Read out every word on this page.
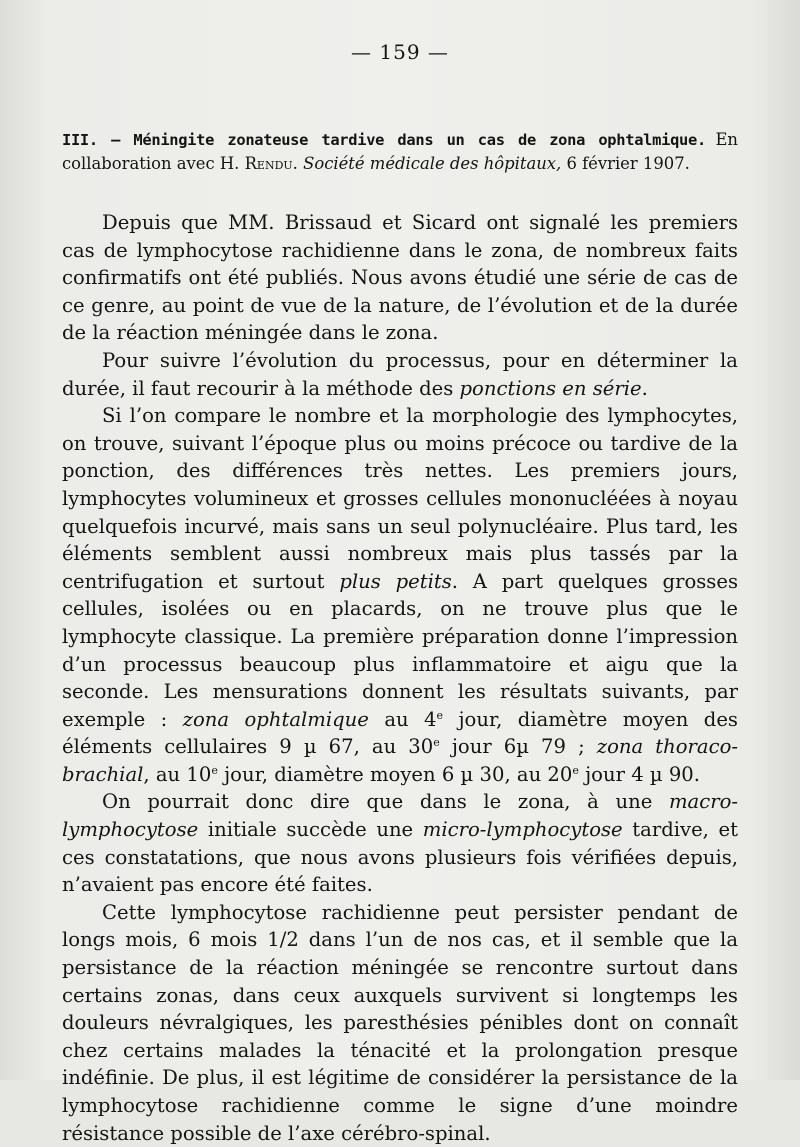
— 159 —
III. — Méningite zonateuse tardive dans un cas de zona ophtalmique. En collaboration avec H. Rendu. Société médicale des hôpitaux, 6 février 1907.

Depuis que MM. Brissaud et Sicard ont signalé les premiers cas de lymphocytose rachidienne dans le zona, de nombreux faits confirmatifs ont été publiés. Nous avons étudié une série de cas de ce genre, au point de vue de la nature, de l’évolution et de la durée de la réaction méningée dans le zona.

Pour suivre l’évolution du processus, pour en déterminer la durée, il faut recourir à la méthode des ponctions en série.

Si l’on compare le nombre et la morphologie des lymphocytes, on trouve, suivant l’époque plus ou moins précoce ou tardive de la ponction, des différences très nettes. Les premiers jours, lymphocytes volumineux et grosses cellules mononucléées à noyau quelquefois incurvé, mais sans un seul polynucléaire. Plus tard, les éléments semblent aussi nombreux mais plus tassés par la centrifugation et surtout plus petits. A part quelques grosses cellules, isolées ou en placards, on ne trouve plus que le lymphocyte classique. La première préparation donne l’impression d’un processus beaucoup plus inflammatoire et aigu que la seconde. Les mensurations donnent les résultats suivants, par exemple : zona ophtalmique au 4e jour, diamètre moyen des éléments cellulaires 9 µ 67, au 30e jour 6µ 79 ; zona thoraco-brachial, au 10e jour, diamètre moyen 6 µ 30, au 20e jour 4 µ 90.

On pourrait donc dire que dans le zona, à une macro-lymphocytose initiale succède une micro-lymphocytose tardive, et ces constatations, que nous avons plusieurs fois vérifiées depuis, n’avaient pas encore été faites.

Cette lymphocytose rachidienne peut persister pendant de longs mois, 6 mois 1/2 dans l’un de nos cas, et il semble que la persistance de la réaction méningée se rencontre surtout dans certains zonas, dans ceux auxquels survivent si longtemps les douleurs névralgiques, les paresthésies pénibles dont on connaît chez certains malades la ténacité et la prolongation presque indéfinie. De plus, il est légitime de considérer la persistance de la lymphocytose rachidienne comme le signe d’une moindre résistance possible de l’axe cérébro-spinal.
